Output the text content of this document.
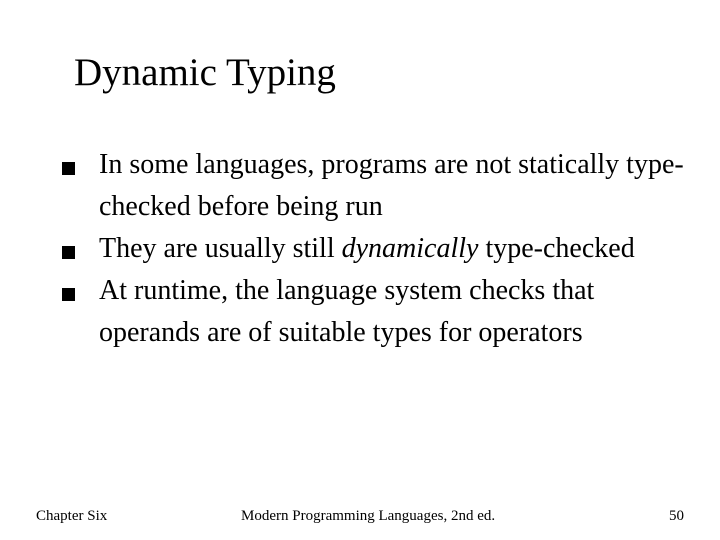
Dynamic Typing
In some languages, programs are not statically type-checked before being run
They are usually still dynamically type-checked
At runtime, the language system checks that operands are of suitable types for operators
Chapter Six	Modern Programming Languages, 2nd ed.	50
